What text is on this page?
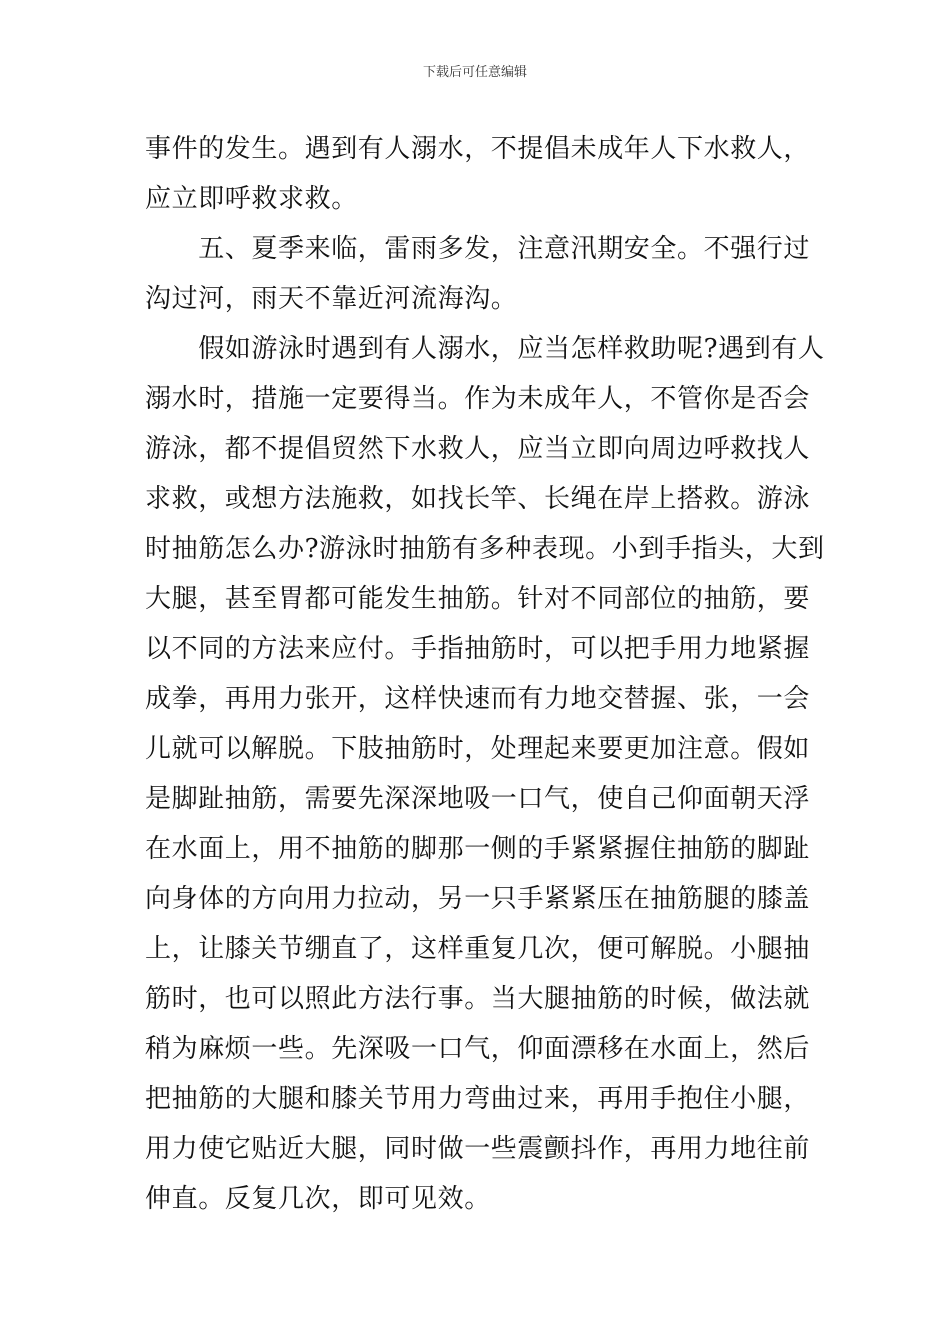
下载后可任意编辑
事件的发生。遇到有人溺水，不提倡未成年人下水救人，
应立即呼救求救。
　　五、夏季来临，雷雨多发，注意汛期安全。不强行过
沟过河，雨天不靠近河流海沟。
　　假如游泳时遇到有人溺水，应当怎样救助呢?遇到有人
溺水时，措施一定要得当。作为未成年人，不管你是否会
游泳，都不提倡贸然下水救人，应当立即向周边呼救找人
求救，或想方法施救，如找长竿、长绳在岸上搭救。游泳
时抽筋怎么办?游泳时抽筋有多种表现。小到手指头，大到
大腿，甚至胃都可能发生抽筋。针对不同部位的抽筋，要
以不同的方法来应付。手指抽筋时，可以把手用力地紧握
成拳，再用力张开，这样快速而有力地交替握、张，一会
儿就可以解脱。下肢抽筋时，处理起来要更加注意。假如
是脚趾抽筋，需要先深深地吸一口气，使自己仰面朝天浮
在水面上，用不抽筋的脚那一侧的手紧紧握住抽筋的脚趾
向身体的方向用力拉动，另一只手紧紧压在抽筋腿的膝盖
上，让膝关节绷直了，这样重复几次，便可解脱。小腿抽
筋时，也可以照此方法行事。当大腿抽筋的时候，做法就
稍为麻烦一些。先深吸一口气，仰面漂移在水面上，然后
把抽筋的大腿和膝关节用力弯曲过来，再用手抱住小腿，
用力使它贴近大腿，同时做一些震颤抖作，再用力地往前
伸直。反复几次，即可见效。
